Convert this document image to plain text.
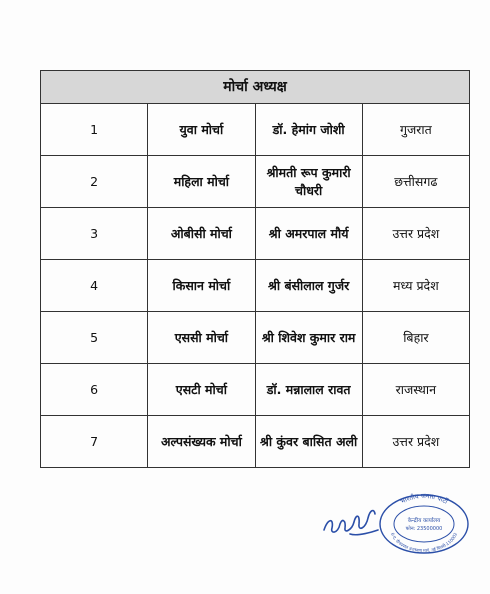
मोर्चा अध्यक्ष			
1	युवा मोर्चा	डॉ. हेमांग जोशी	गुजरात
2	महिला मोर्चा	श्रीमती रूप कुमारी चौधरी	छत्तीसगढ
3	ओबीसी मोर्चा	श्री अमरपाल मौर्य	उत्तर प्रदेश
4	किसान मोर्चा	श्री बंसीलाल गुर्जर	मध्य प्रदेश
5	एससी मोर्चा	श्री शिवेश कुमार राम	बिहार
6	एसटी मोर्चा	डॉ. मन्नालाल रावत	राजस्थान
7	अल्पसंख्यक मोर्चा	श्री कुंवर बासित अली	उत्तर प्रदेश
भारतीय जनता पार्टी
6-ए, दीनदयाल उपाध्याय मार्ग, नई दिल्ली-110002
केन्द्रीय कार्यालय
फोन: 23500000
